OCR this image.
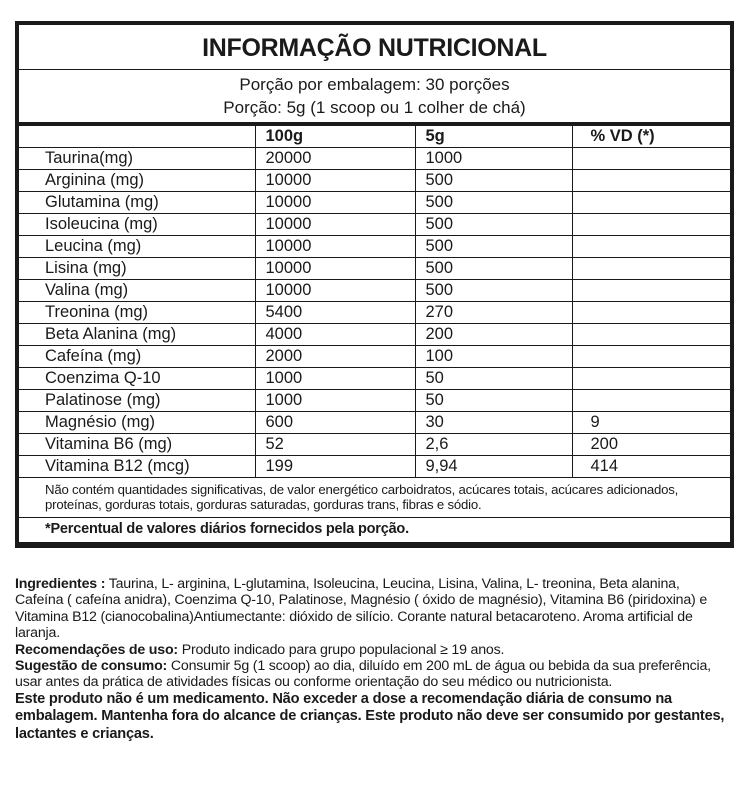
INFORMAÇÃO NUTRICIONAL
Porção por embalagem: 30 porções
Porção: 5g (1 scoop ou 1 colher de chá)
	100g	5g	% VD (*)
Taurina(mg)	20000	1000	
Arginina (mg)	10000	500	
Glutamina (mg)	10000	500	
Isoleucina (mg)	10000	500	
Leucina (mg)	10000	500	
Lisina (mg)	10000	500	
Valina (mg)	10000	500	
Treonina (mg)	5400	270	
Beta Alanina (mg)	4000	200	
Cafeína (mg)	2000	100	
Coenzima Q-10	1000	50	
Palatinose (mg)	1000	50	
Magnésio (mg)	600	30	9
Vitamina B6 (mg)	52	2,6	200
Vitamina B12 (mcg)	199	9,94	414
Não contém quantidades significativas, de valor energético carboidratos, acúcares totais, acúcares adicionados, proteínas, gorduras totais, gorduras saturadas, gorduras trans, fibras e sódio.
*Percentual de valores diários fornecidos pela porção.

Ingredientes : Taurina, L- arginina, L-glutamina, Isoleucina, Leucina, Lisina, Valina, L- treonina, Beta alanina, Cafeína ( cafeína anidra), Coenzima Q-10, Palatinose, Magnésio ( óxido de magnésio), Vitamina B6 (piridoxina) e Vitamina B12 (cianocobalina)Antiumectante: dióxido de silício. Corante natural betacaroteno. Aroma artificial de laranja.

Recomendações de uso: Produto indicado para grupo populacional ≥ 19 anos.

Sugestão de consumo: Consumir 5g (1 scoop) ao dia, diluído em 200 mL de água ou bebida da sua preferência, usar antes da prática de atividades físicas ou conforme orientação do seu médico ou nutricionista.

Este produto não é um medicamento. Não exceder a dose a recomendação diária de consumo na embalagem. Mantenha fora do alcance de crianças. Este produto não deve ser consumido por gestantes, lactantes e crianças.
